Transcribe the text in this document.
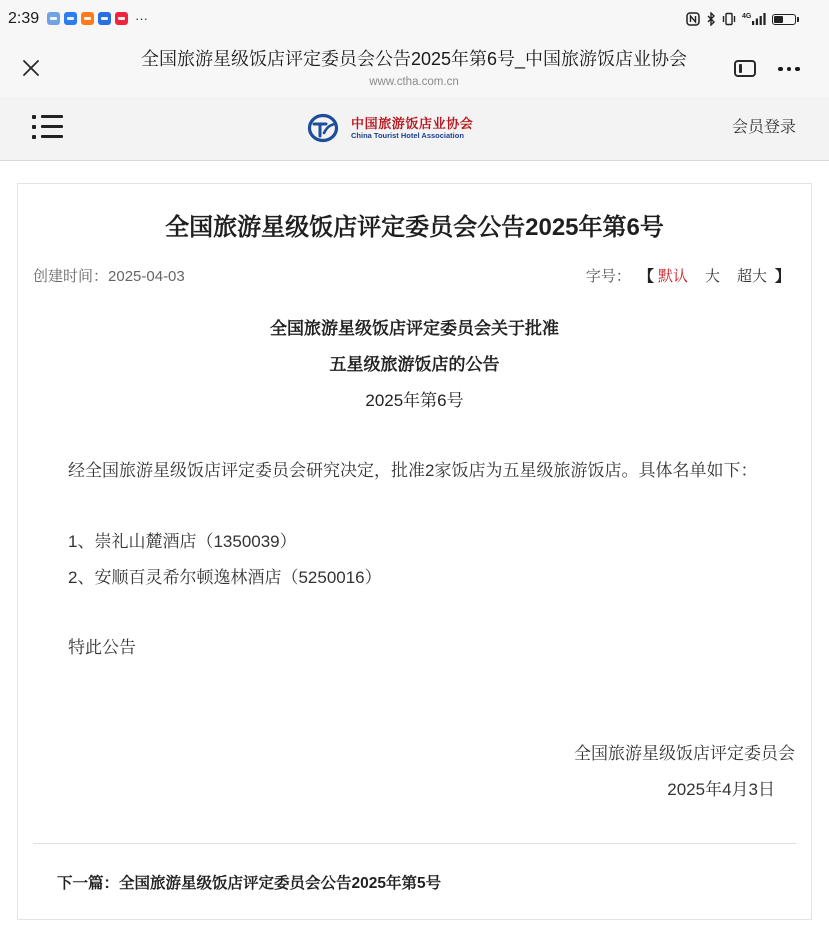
2:39	···	4G
全国旅游星级饭店评定委员会公告2025年第6号_中国旅游饭店业协会
www.ctha.com.cn
中国旅游饭店业协会
China Tourist Hotel Association	会员登录
全国旅游星级饭店评定委员会公告2025年第6号
创建时间：2025-04-03	字号： 【 默认 大 超大 】
全国旅游星级饭店评定委员会关于批准
五星级旅游饭店的公告
2025年第6号
经全国旅游星级饭店评定委员会研究决定，批准2家饭店为五星级旅游饭店。具体名单如下：
1、崇礼山麓酒店（1350039）
2、安顺百灵希尔顿逸林酒店（5250016）
特此公告
全国旅游星级饭店评定委员会
2025年4月3日
下一篇：全国旅游星级饭店评定委员会公告2025年第5号
